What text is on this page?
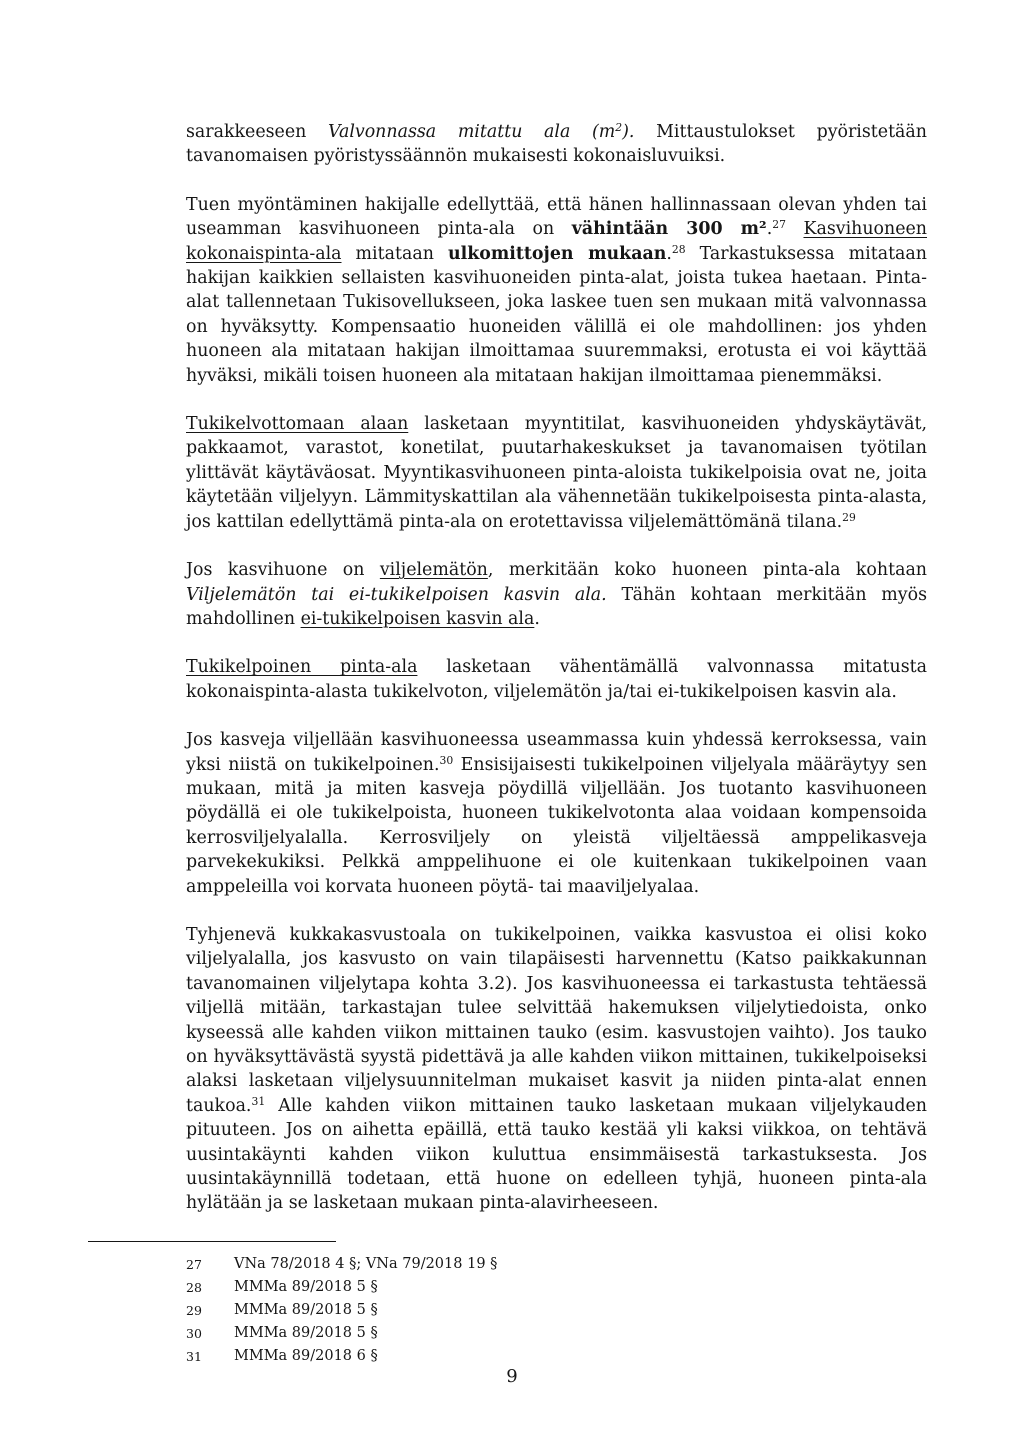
sarakkeeseen Valvonnassa mitattu ala $(m^2)$. Mittaustulokset pyöristetään tavanomaisen pyöristyssäännön mukaisesti kokonaisluvuiksi.

Tuen myöntäminen hakijalle edellyttää, että hänen hallinnassaan olevan yhden tai useamman kasvihuoneen pinta-ala on vähintään 300 m².$^{27}$ Kasvihuoneen kokonaispinta-ala mitataan ulkomittojen mukaan.$^{28}$ Tarkastuksessa mitataan hakijan kaikkien sellaisten kasvihuoneiden pinta-alat, joista tukea haetaan. Pinta-alat tallennetaan Tukisovellukseen, joka laskee tuen sen mukaan mitä valvonnassa on hyväksytty. Kompensaatio huoneiden välillä ei ole mahdollinen: jos yhden huoneen ala mitataan hakijan ilmoittamaa suuremmaksi, erotusta ei voi käyttää hyväksi, mikäli toisen huoneen ala mitataan hakijan ilmoittamaa pienemmäksi.

Tukikelvottomaan alaan lasketaan myyntitilat, kasvihuoneiden yhdyskäytävät, pakkaamot, varastot, konetilat, puutarhakeskukset ja tavanomaisen työtilan ylittävät käytäväosat. Myyntikasvihuoneen pinta-aloista tukikelpoisia ovat ne, joita käytetään viljelyyn. Lämmityskattilan ala vähennetään tukikelpoisesta pinta-alasta, jos kattilan edellyttämä pinta-ala on erotettavissa viljelemättömänä tilana.$^{29}$

Jos kasvihuone on viljelemätön, merkitään koko huoneen pinta-ala kohtaan Viljelemätön tai ei-tukikelpoisen kasvin ala. Tähän kohtaan merkitään myös mahdollinen ei-tukikelpoisen kasvin ala.

Tukikelpoinen pinta-ala lasketaan vähentämällä valvonnassa mitatusta kokonaispinta-alasta tukikelvoton, viljelemätön ja/tai ei-tukikelpoisen kasvin ala.

Jos kasveja viljellään kasvihuoneessa useammassa kuin yhdessä kerroksessa, vain yksi niistä on tukikelpoinen.$^{30}$ Ensisijaisesti tukikelpoinen viljelyala määräytyy sen mukaan, mitä ja miten kasveja pöydillä viljellään. Jos tuotanto kasvihuoneen pöydällä ei ole tukikelpoista, huoneen tukikelvotonta alaa voidaan kompensoida kerrosviljelyalalla. Kerrosviljely on yleistä viljeltäessä amppelikasveja parvekekukiksi. Pelkkä amppelihuone ei ole kuitenkaan tukikelpoinen vaan amppeleilla voi korvata huoneen pöytä- tai maaviljelyalaa.

Tyhjenevä kukkakasvustoala on tukikelpoinen, vaikka kasvustoa ei olisi koko viljelyalalla, jos kasvusto on vain tilapäisesti harvennettu (Katso paikkakunnan tavanomainen viljelytapa kohta 3.2). Jos kasvihuoneessa ei tarkastusta tehtäessä viljellä mitään, tarkastajan tulee selvittää hakemuksen viljelytiedoista, onko kyseessä alle kahden viikon mittainen tauko (esim. kasvustojen vaihto). Jos tauko on hyväksyttävästä syystä pidettävä ja alle kahden viikon mittainen, tukikelpoiseksi alaksi lasketaan viljelysuunnitelman mukaiset kasvit ja niiden pinta-alat ennen taukoa.$^{31}$ Alle kahden viikon mittainen tauko lasketaan mukaan viljelykauden pituuteen. Jos on aihetta epäillä, että tauko kestää yli kaksi viikkoa, on tehtävä uusintakäynti kahden viikon kuluttua ensimmäisestä tarkastuksesta. Jos uusintakäynnillä todetaan, että huone on edelleen tyhjä, huoneen pinta-ala hylätään ja se lasketaan mukaan pinta-alavirheeseen.

27	VNa 78/2018 4 §; VNa 79/2018 19 §
28	MMMa 89/2018 5 §
29	MMMa 89/2018 5 §
30	MMMa 89/2018 5 §
31	MMMa 89/2018 6 §
9
